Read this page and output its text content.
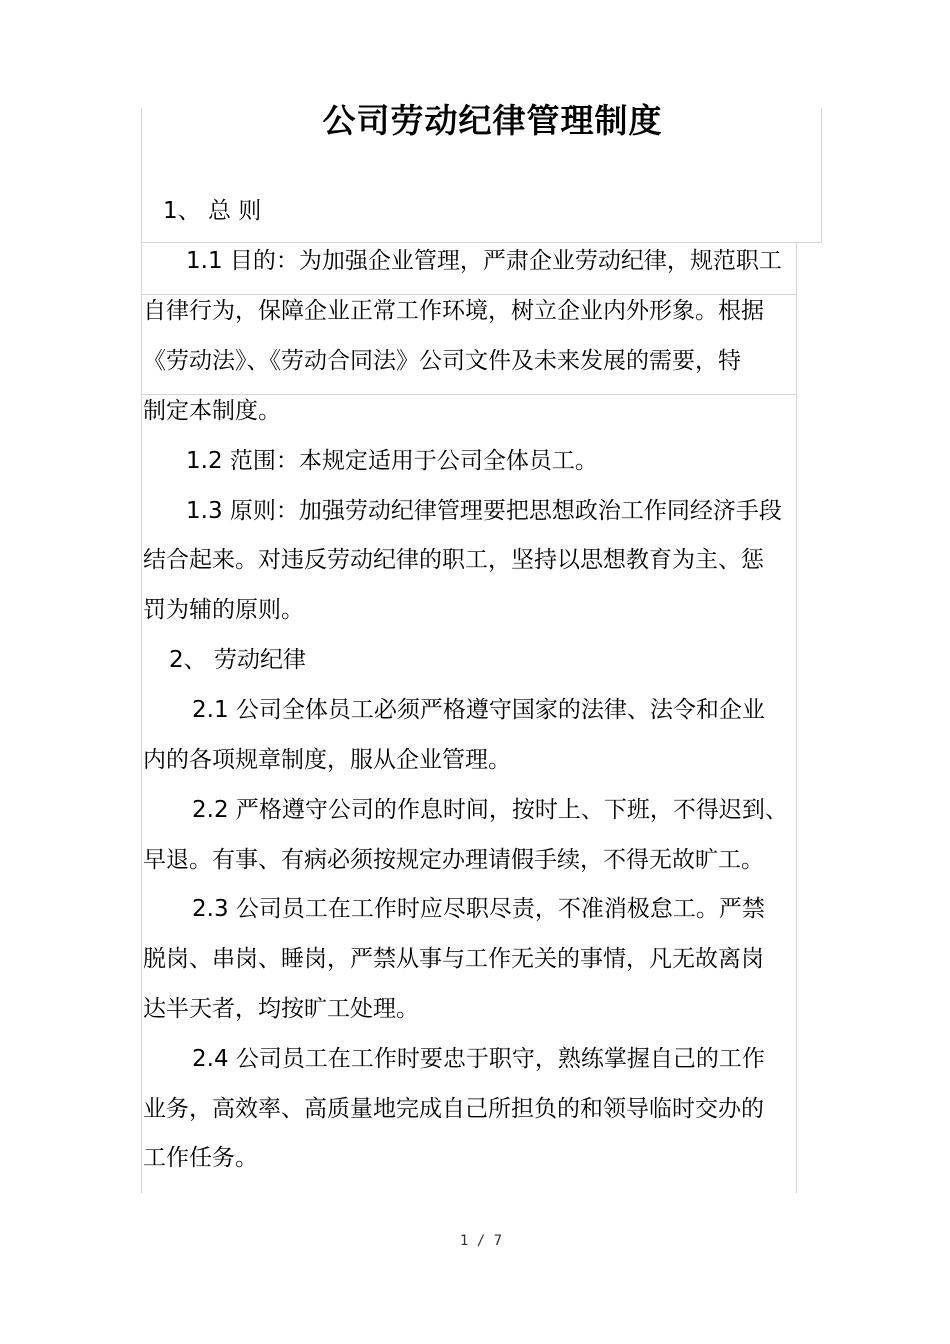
公司劳动纪律管理制度
1、 总 则
1.1 目的：为加强企业管理，严肃企业劳动纪律，规范职工
自律行为，保障企业正常工作环境，树立企业内外形象。根据
《劳动法》、《劳动合同法》公司文件及未来发展的需要，特
制定本制度。
1.2 范围：本规定适用于公司全体员工。
1.3 原则：加强劳动纪律管理要把思想政治工作同经济手段
结合起来。对违反劳动纪律的职工，坚持以思想教育为主、惩
罚为辅的原则。
2、 劳动纪律
2.1 公司全体员工必须严格遵守国家的法律、法令和企业
内的各项规章制度，服从企业管理。
2.2 严格遵守公司的作息时间，按时上、下班，不得迟到、
早退。有事、有病必须按规定办理请假手续，不得无故旷工。
2.3 公司员工在工作时应尽职尽责，不准消极怠工。严禁
脱岗、串岗、睡岗，严禁从事与工作无关的事情，凡无故离岗
达半天者，均按旷工处理。
2.4 公司员工在工作时要忠于职守，熟练掌握自己的工作
业务，高效率、高质量地完成自己所担负的和领导临时交办的
工作任务。
1 / 7
